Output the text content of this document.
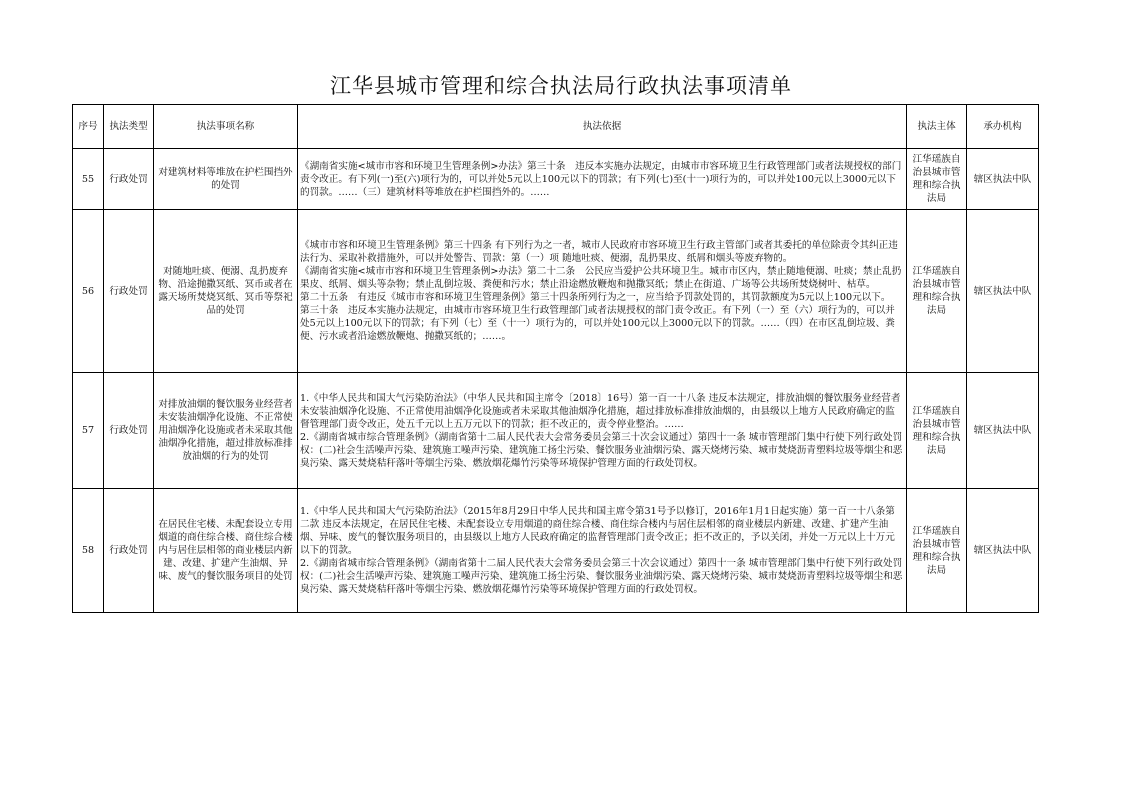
江华县城市管理和综合执法局行政执法事项清单
序号	执法类型	执法事项名称	执法依据	执法主体	承办机构
55	行政处罚	对建筑材料等堆放在护栏围挡外的处罚	《湖南省实施<城市市容和环境卫生管理条例>办法》第三十条　违反本实施办法规定，由城市市容环境卫生行政管理部门或者法规授权的部门责令改正。有下列(一)至(六)项行为的，可以并处5元以上100元以下的罚款；有下列(七)至(十一)项行为的，可以并处100元以上3000元以下的罚款。……（三）建筑材料等堆放在护栏围挡外的。……	江华瑶族自治县城市管理和综合执法局	辖区执法中队
56	行政处罚	对随地吐痰、便溺、乱扔废弃物、沿途抛撒冥纸、冥币或者在露天场所焚烧冥纸、冥币等祭祀品的处罚	《城市市容和环境卫生管理条例》第三十四条 有下列行为之一者，城市人民政府市容环境卫生行政主管部门或者其委托的单位除责令其纠正违法行为、采取补救措施外，可以并处警告、罚款：第（一）项 随地吐痰、便溺，乱扔果皮、纸屑和烟头等废弃物的。
《湖南省实施<城市市容和环境卫生管理条例>办法》第二十二条　公民应当爱护公共环境卫生。城市市区内，禁止随地便溺、吐痰；禁止乱扔果皮、纸屑、烟头等杂物；禁止乱倒垃圾、粪便和污水；禁止沿途燃放鞭炮和抛撒冥纸；禁止在街道、广场等公共场所焚烧树叶、枯草。
第二十五条　有违反《城市市容和环境卫生管理条例》第三十四条所列行为之一，应当给予罚款处罚的，其罚款额度为5元以上100元以下。
第三十条　违反本实施办法规定，由城市市容环境卫生行政管理部门或者法规授权的部门责令改正。有下列（一）至（六）项行为的，可以并处5元以上100元以下的罚款；有下列（七）至（十一）项行为的，可以并处100元以上3000元以下的罚款。……（四）在市区乱倒垃圾、粪便、污水或者沿途燃放鞭炮、抛撒冥纸的；……。	江华瑶族自治县城市管理和综合执法局	辖区执法中队
57	行政处罚	对排放油烟的餐饮服务业经营者未安装油烟净化设施、不正常使用油烟净化设施或者未采取其他油烟净化措施，超过排放标准排放油烟的行为的处罚	1.《中华人民共和国大气污染防治法》（中华人民共和国主席令〔2018〕16号）第一百一十八条 违反本法规定，排放油烟的餐饮服务业经营者未安装油烟净化设施、不正常使用油烟净化设施或者未采取其他油烟净化措施，超过排放标准排放油烟的，由县级以上地方人民政府确定的监督管理部门责令改正，处五千元以上五万元以下的罚款；拒不改正的，责令停业整治。……
2.《湖南省城市综合管理条例》（湖南省第十二届人民代表大会常务委员会第三十次会议通过）第四十一条 城市管理部门集中行使下列行政处罚权：(二)社会生活噪声污染、建筑施工噪声污染、建筑施工扬尘污染、餐饮服务业油烟污染、露天烧烤污染、城市焚烧沥青塑料垃圾等烟尘和恶臭污染、露天焚烧秸秆落叶等烟尘污染、燃放烟花爆竹污染等环境保护管理方面的行政处罚权。	江华瑶族自治县城市管理和综合执法局	辖区执法中队
58	行政处罚	在居民住宅楼、未配套设立专用烟道的商住综合楼、商住综合楼内与居住层相邻的商业楼层内新建、改建、扩建产生油烟、异味、废气的餐饮服务项目的处罚	1.《中华人民共和国大气污染防治法》（2015年8月29日中华人民共和国主席令第31号予以修订，2016年1月1日起实施）第一百一十八条第二款 违反本法规定，在居民住宅楼、未配套设立专用烟道的商住综合楼、商住综合楼内与居住层相邻的商业楼层内新建、改建、扩建产生油烟、异味、废气的餐饮服务项目的，由县级以上地方人民政府确定的监督管理部门责令改正；拒不改正的，予以关闭，并处一万元以上十万元以下的罚款。
2.《湖南省城市综合管理条例》（湖南省第十二届人民代表大会常务委员会第三十次会议通过）第四十一条 城市管理部门集中行使下列行政处罚权：(二)社会生活噪声污染、建筑施工噪声污染、建筑施工扬尘污染、餐饮服务业油烟污染、露天烧烤污染、城市焚烧沥青塑料垃圾等烟尘和恶臭污染、露天焚烧秸秆落叶等烟尘污染、燃放烟花爆竹污染等环境保护管理方面的行政处罚权。	江华瑶族自治县城市管理和综合执法局	辖区执法中队
